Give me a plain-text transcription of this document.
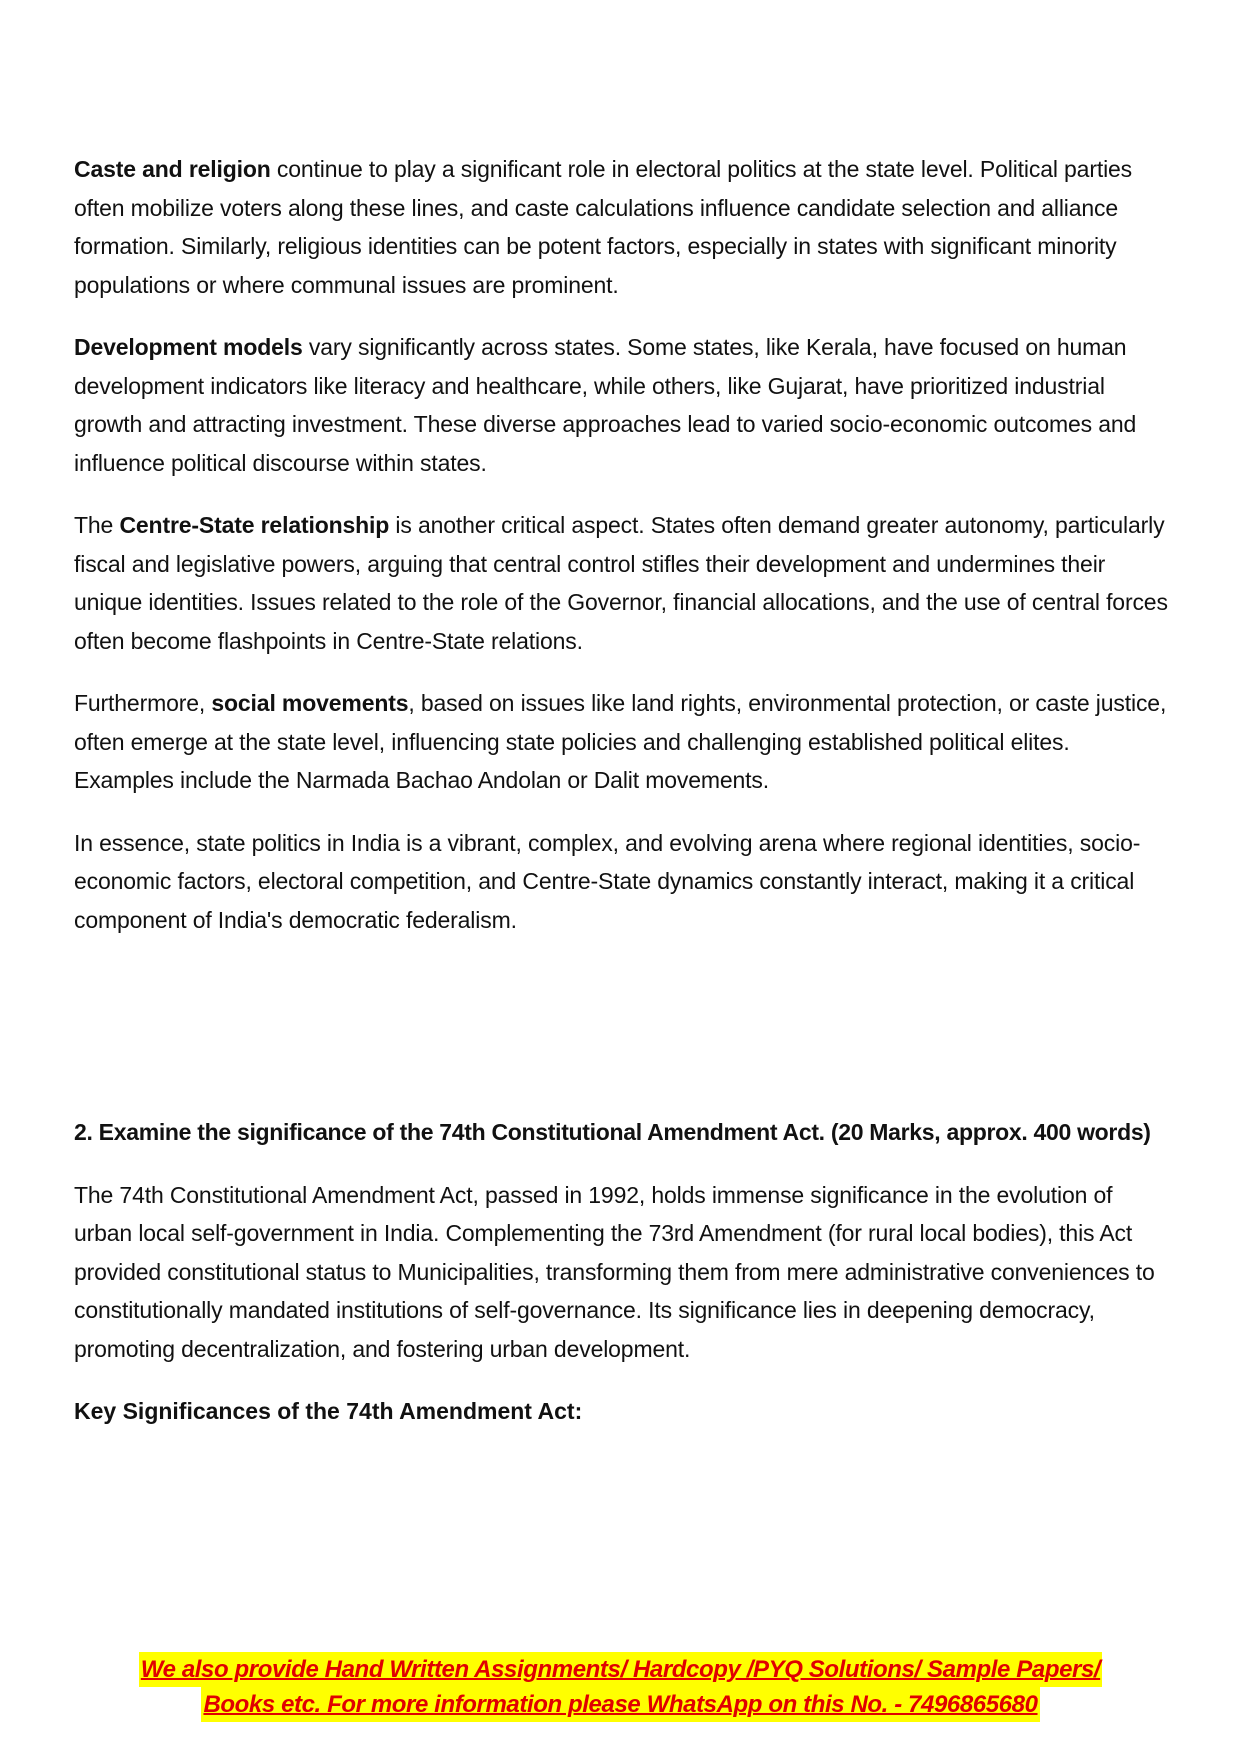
Caste and religion continue to play a significant role in electoral politics at the state level. Political parties often mobilize voters along these lines, and caste calculations influence candidate selection and alliance formation. Similarly, religious identities can be potent factors, especially in states with significant minority populations or where communal issues are prominent.

Development models vary significantly across states. Some states, like Kerala, have focused on human development indicators like literacy and healthcare, while others, like Gujarat, have prioritized industrial growth and attracting investment. These diverse approaches lead to varied socio-economic outcomes and influence political discourse within states.

The Centre-State relationship is another critical aspect. States often demand greater autonomy, particularly fiscal and legislative powers, arguing that central control stifles their development and undermines their unique identities. Issues related to the role of the Governor, financial allocations, and the use of central forces often become flashpoints in Centre-State relations.

Furthermore, social movements, based on issues like land rights, environmental protection, or caste justice, often emerge at the state level, influencing state policies and challenging established political elites. Examples include the Narmada Bachao Andolan or Dalit movements.

In essence, state politics in India is a vibrant, complex, and evolving arena where regional identities, socio-economic factors, electoral competition, and Centre-State dynamics constantly interact, making it a critical component of India's democratic federalism.

2. Examine the significance of the 74th Constitutional Amendment Act. (20 Marks, approx. 400 words)

The 74th Constitutional Amendment Act, passed in 1992, holds immense significance in the evolution of urban local self-government in India. Complementing the 73rd Amendment (for rural local bodies), this Act provided constitutional status to Municipalities, transforming them from mere administrative conveniences to constitutionally mandated institutions of self-governance. Its significance lies in deepening democracy, promoting decentralization, and fostering urban development.

Key Significances of the 74th Amendment Act:

We also provide Hand Written Assignments/ Hardcopy /PYQ Solutions/ Sample Papers/
Books etc. For more information please WhatsApp on this No. - 7496865680
